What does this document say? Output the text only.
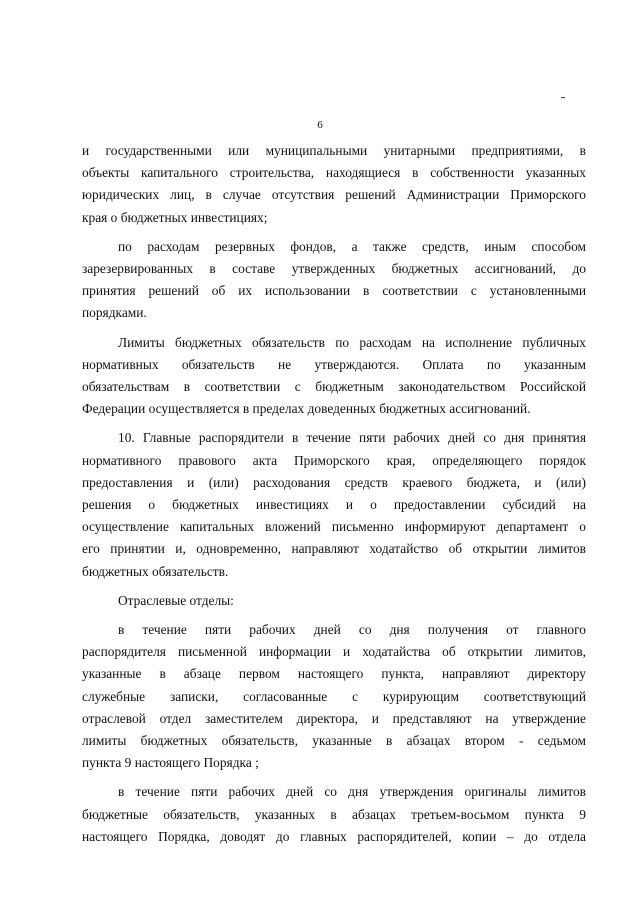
6

и государственными или муниципальными унитарными предприятиями, в

объекты капитального строительства, находящиеся в собственности указанных

юридических лиц, в случае отсутствия решений Администрации Приморского

края о бюджетных инвестициях;

по расходам резервных фондов, а также средств, иным способом

зарезервированных в составе утвержденных бюджетных ассигнований, до

принятия решений об их использовании в соответствии с установленными

порядками.

Лимиты бюджетных обязательств по расходам на исполнение публичных

нормативных обязательств не утверждаются. Оплата по указанным

обязательствам в соответствии с бюджетным законодательством Российской

Федерации осуществляется в пределах доведенных бюджетных ассигнований.

10. Главные распорядители в течение пяти рабочих дней со дня принятия

нормативного правового акта Приморского края, определяющего порядок

предоставления и (или) расходования средств краевого бюджета, и (или)

решения о бюджетных инвестициях и о предоставлении субсидий на

осуществление капитальных вложений письменно информируют департамент о

его принятии и, одновременно, направляют ходатайство об открытии лимитов

бюджетных обязательств.

Отраслевые отделы:

в течение пяти рабочих дней со дня получения от главного

распорядителя письменной информации и ходатайства об открытии лимитов,

указанные в абзаце первом настоящего пункта, направляют директору

служебные записки, согласованные с курирующим соответствующий

отраслевой отдел заместителем директора, и представляют на утверждение

лимиты бюджетных обязательств, указанные в абзацах втором - седьмом

пункта 9 настоящего Порядка ;

в течение пяти рабочих дней со дня утверждения оригиналы лимитов

бюджетные обязательств, указанных в абзацах третьем-восьмом пункта 9

настоящего Порядка, доводят до главных распорядителей, копии – до отдела
